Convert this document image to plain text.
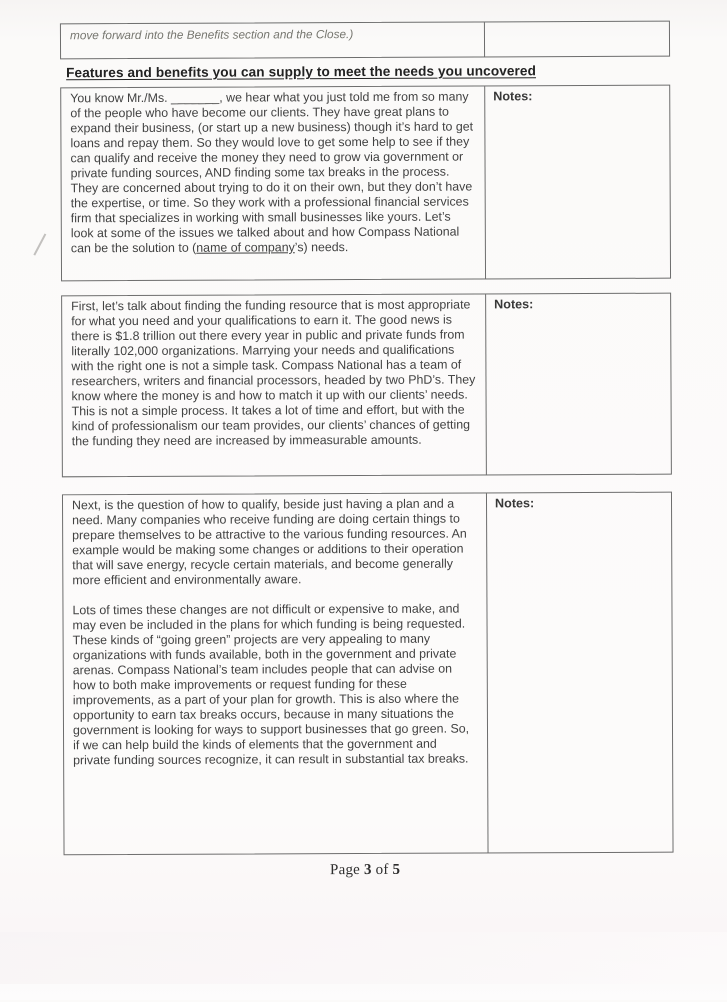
move forward into the Benefits section and the Close.)
Features and benefits you can supply to meet the needs you uncovered

You know Mr./Ms. _______, we hear what you just told me from so many of the people who have become our clients. They have great plans to expand their business, (or start up a new business) though it’s hard to get loans and repay them. So they would love to get some help to see if they can qualify and receive the money they need to grow via government or private funding sources, AND finding some tax breaks in the process. They are concerned about trying to do it on their own, but they don’t have the expertise, or time. So they work with a professional financial services firm that specializes in working with small businesses like yours. Let’s look at some of the issues we talked about and how Compass National can be the solution to (name of company’s) needs.

Notes:

First, let’s talk about finding the funding resource that is most appropriate for what you need and your qualifications to earn it. The good news is there is $1.8 trillion out there every year in public and private funds from literally 102,000 organizations. Marrying your needs and qualifications with the right one is not a simple task. Compass National has a team of researchers, writers and financial processors, headed by two PhD’s. They know where the money is and how to match it up with our clients’ needs. This is not a simple process. It takes a lot of time and effort, but with the kind of professionalism our team provides, our clients’ chances of getting the funding they need are increased by immeasurable amounts.

Notes:

Next, is the question of how to qualify, beside just having a plan and a need. Many companies who receive funding are doing certain things to prepare themselves to be attractive to the various funding resources. An example would be making some changes or additions to their operation that will save energy, recycle certain materials, and become generally more efficient and environmentally aware.

Lots of times these changes are not difficult or expensive to make, and may even be included in the plans for which funding is being requested. These kinds of “going green” projects are very appealing to many organizations with funds available, both in the government and private arenas. Compass National’s team includes people that can advise on how to both make improvements or request funding for these improvements, as a part of your plan for growth. This is also where the opportunity to earn tax breaks occurs, because in many situations the government is looking for ways to support businesses that go green. So, if we can help build the kinds of elements that the government and private funding sources recognize, it can result in substantial tax breaks.

Notes:
Page 3 of 5
